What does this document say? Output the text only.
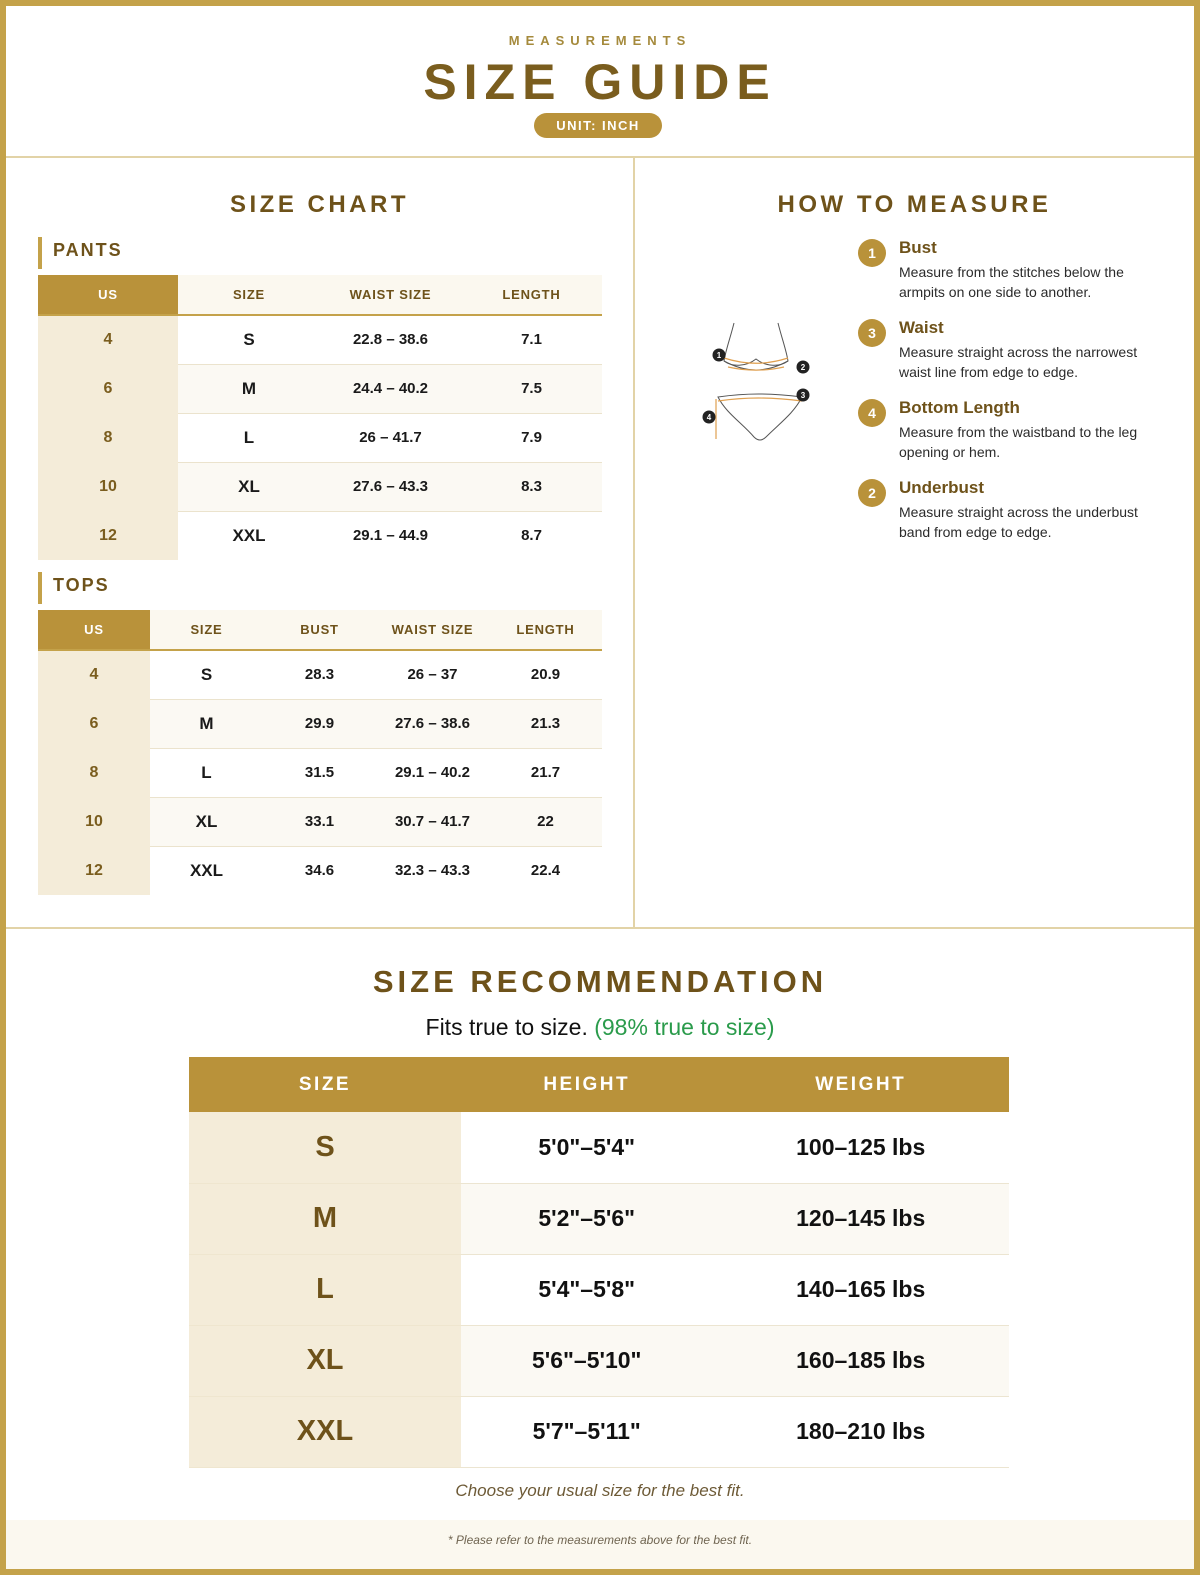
MEASUREMENTS
SIZE GUIDE
UNIT: INCH
SIZE CHART
PANTS
US	SIZE	WAIST SIZE	LENGTH
4	S	22.8 – 38.6	7.1
6	M	24.4 – 40.2	7.5
8	L	26 – 41.7	7.9
10	XL	27.6 – 43.3	8.3
12	XXL	29.1 – 44.9	8.7
TOPS
US	SIZE	BUST	WAIST SIZE	LENGTH
4	S	28.3	26 – 37	20.9
6	M	29.9	27.6 – 38.6	21.3
8	L	31.5	29.1 – 40.2	21.7
10	XL	33.1	30.7 – 41.7	22
12	XXL	34.6	32.3 – 43.3	22.4
HOW TO MEASURE
1
2
3
4
1	Bust
Measure from the stitches below the armpits on one side to another.
3	Waist
Measure straight across the narrowest waist line from edge to edge.
4	Bottom Length
Measure from the waistband to the leg opening or hem.
2	Underbust
Measure straight across the underbust band from edge to edge.
SIZE RECOMMENDATION
Fits true to size. (98% true to size)
SIZE	HEIGHT	WEIGHT
S	5'0"–5'4"	100–125 lbs
M	5'2"–5'6"	120–145 lbs
L	5'4"–5'8"	140–165 lbs
XL	5'6"–5'10"	160–185 lbs
XXL	5'7"–5'11"	180–210 lbs
Choose your usual size for the best fit.
* Please refer to the measurements above for the best fit.
